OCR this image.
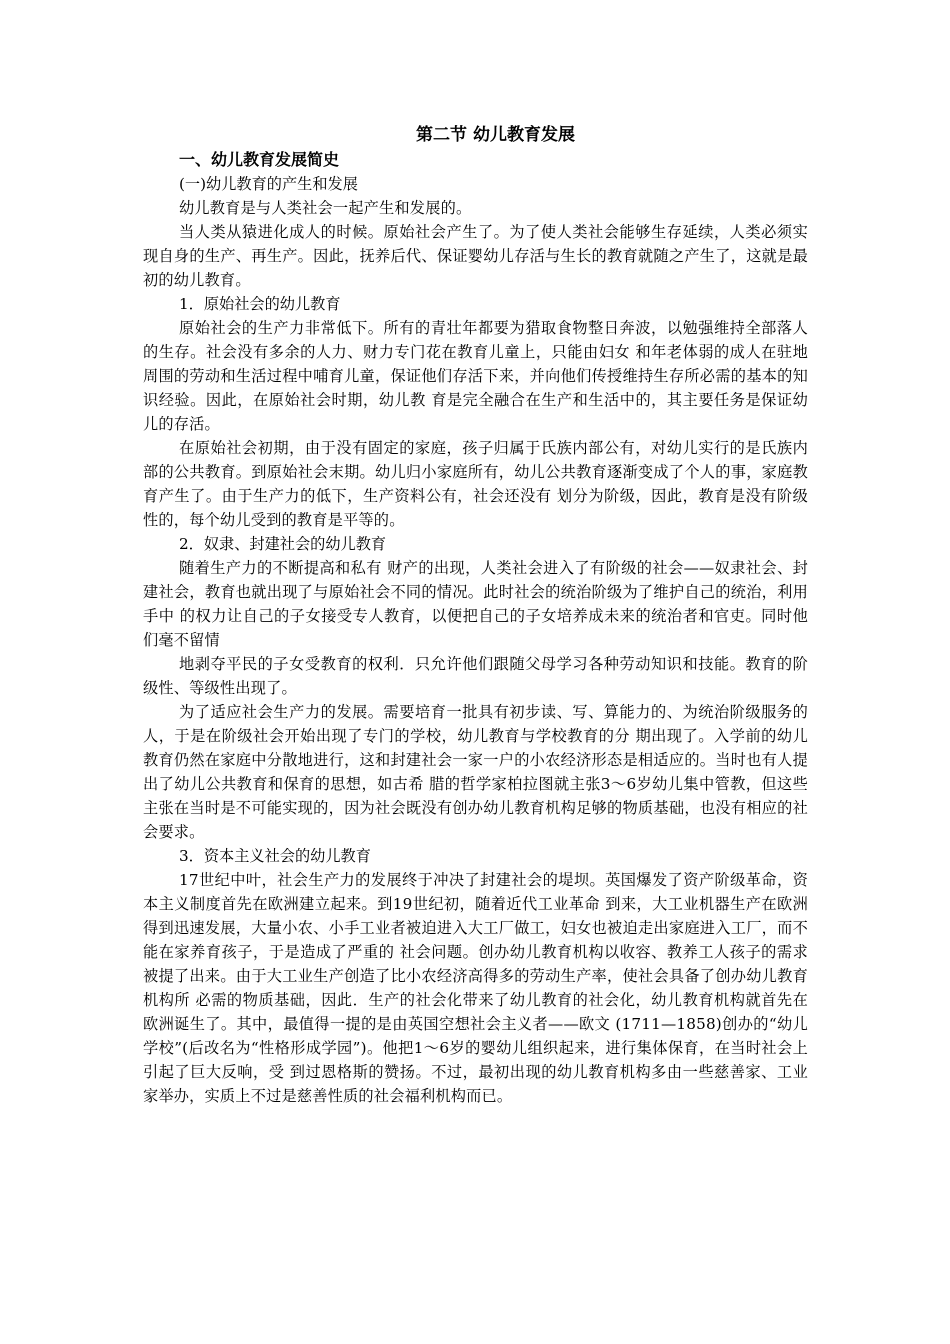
第二节 幼儿教育发展

一、幼儿教育发展简史

(一)幼儿教育的产生和发展

幼儿教育是与人类社会一起产生和发展的。

当人类从猿进化成人的时候。原始社会产生了。为了使人类社会能够生存延续，人类必须实现自身的生产、再生产。因此，抚养后代、保证婴幼儿存活与生长的教育就随之产生了，这就是最初的幼儿教育。

1．原始社会的幼儿教育

原始社会的生产力非常低下。所有的青壮年都要为猎取食物整日奔波，以勉强维持全部落人的生存。社会没有多余的人力、财力专门花在教育儿童上，只能由妇女 和年老体弱的成人在驻地周围的劳动和生活过程中哺育儿童，保证他们存活下来，并向他们传授维持生存所必需的基本的知识经验。因此，在原始社会时期，幼儿教 育是完全融合在生产和生活中的，其主要任务是保证幼儿的存活。

在原始社会初期，由于没有固定的家庭，孩子归属于氏族内部公有，对幼儿实行的是氏族内部的公共教育。到原始社会末期。幼儿归小家庭所有，幼儿公共教育逐渐变成了个人的事，家庭教育产生了。由于生产力的低下，生产资料公有，社会还没有 划分为阶级，因此，教育是没有阶级性的，每个幼儿受到的教育是平等的。

2．奴隶、封建社会的幼儿教育

随着生产力的不断提高和私有 财产的出现，人类社会进入了有阶级的社会——奴隶社会、封建社会，教育也就出现了与原始社会不同的情况。此时社会的统治阶级为了维护自己的统治，利用手中 的权力让自己的子女接受专人教育，以便把自己的子女培养成未来的统治者和官吏。同时他们毫不留情

地剥夺平民的子女受教育的权利．只允许他们跟随父母学习各种劳动知识和技能。教育的阶级性、等级性出现了。

为了适应社会生产力的发展。需要培育一批具有初步读、写、算能力的、为统治阶级服务的人，于是在阶级社会开始出现了专门的学校，幼儿教育与学校教育的分 期出现了。入学前的幼儿教育仍然在家庭中分散地进行，这和封建社会一家一户的小农经济形态是相适应的。当时也有人提出了幼儿公共教育和保育的思想，如古希 腊的哲学家柏拉图就主张3～6岁幼儿集中管教，但这些主张在当时是不可能实现的，因为社会既没有创办幼儿教育机构足够的物质基础，也没有相应的社会要求。

3．资本主义社会的幼儿教育

17世纪中叶，社会生产力的发展终于冲决了封建社会的堤坝。英国爆发了资产阶级革命，资本主义制度首先在欧洲建立起来。到19世纪初，随着近代工业革命 到来，大工业机器生产在欧洲得到迅速发展，大量小农、小手工业者被迫进入大工厂做工，妇女也被迫走出家庭进入工厂，而不能在家养育孩子，于是造成了严重的 社会问题。创办幼儿教育机构以收容、教养工人孩子的需求被提了出来。由于大工业生产创造了比小农经济高得多的劳动生产率，使社会具备了创办幼儿教育机构所 必需的物质基础，因此．生产的社会化带来了幼儿教育的社会化，幼儿教育机构就首先在欧洲诞生了。其中，最值得一提的是由英国空想社会主义者——欧文 (1711—1858)创办的“幼儿学校”(后改名为“性格形成学园”)。他把1～6岁的婴幼儿组织起来，进行集体保育，在当时社会上引起了巨大反响，受 到过恩格斯的赞扬。不过，最初出现的幼儿教育机构多由一些慈善家、工业家举办，实质上不过是慈善性质的社会福利机构而已。
